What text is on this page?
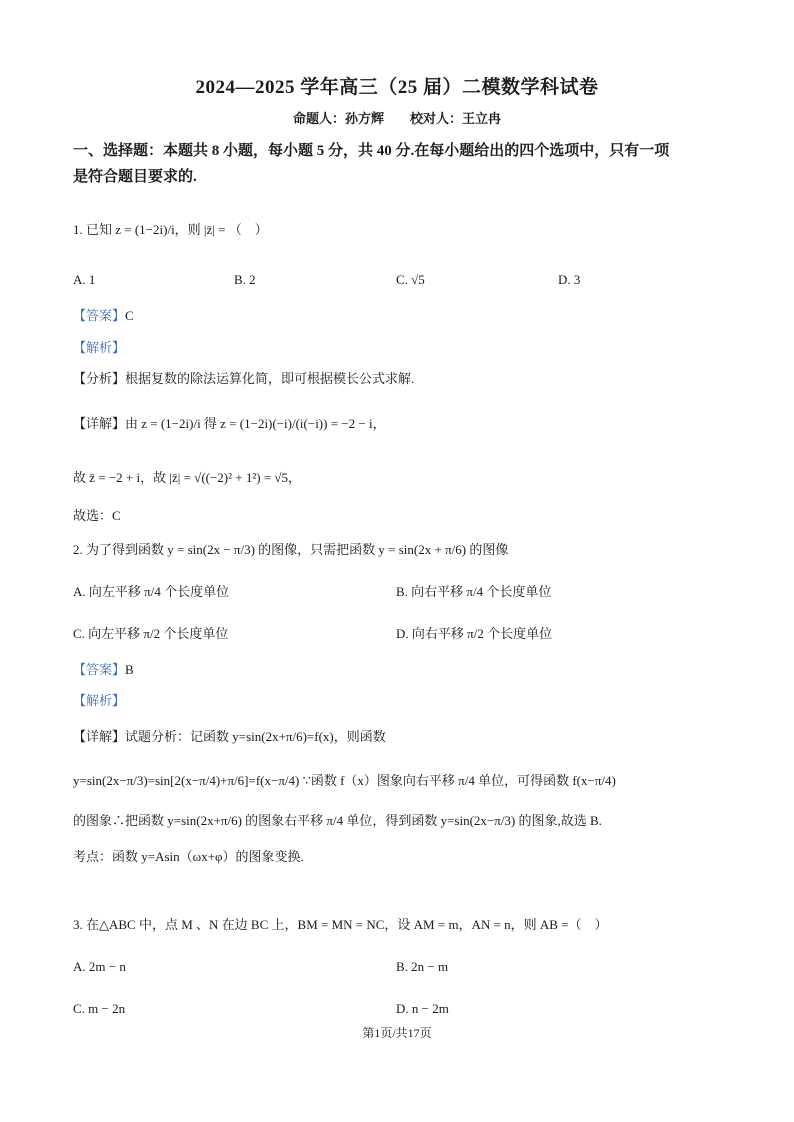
2024—2025 学年高三（25 届）二模数学科试卷
命题人：孙方辉　　校对人：王立冉
一、选择题：本题共 8 小题，每小题 5 分，共 40 分.在每小题给出的四个选项中，只有一项
是符合题目要求的.
1. 已知 z = (1−2i)/i，则 |z̄| = （　）
A. 1	B. 2	C. √5	D. 3
【答案】C
【解析】
【分析】根据复数的除法运算化简，即可根据模长公式求解.
【详解】由 z = (1−2i)/i 得 z = (1−2i)(−i)/(i(−i)) = −2 − i，
故 z̄ = −2 + i，故 |z̄| = √((−2)² + 1²) = √5，
故选：C
2. 为了得到函数 y = sin(2x − π/3) 的图像，只需把函数 y = sin(2x + π/6) 的图像
A. 向左平移 π/4 个长度单位	B. 向右平移 π/4 个长度单位
C. 向左平移 π/2 个长度单位	D. 向右平移 π/2 个长度单位
【答案】B
【解析】
【详解】试题分析：记函数 y=sin(2x+π/6)=f(x)，则函数
y=sin(2x−π/3)=sin[2(x−π/4)+π/6]=f(x−π/4) ∵函数 f（x）图象向右平移 π/4 单位，可得函数 f(x−π/4)
的图象∴把函数 y=sin(2x+π/6) 的图象右平移 π/4 单位，得到函数 y=sin(2x−π/3) 的图象,故选 B.
考点：函数 y=Asin（ωx+φ）的图象变换.
3. 在△ABC 中，点 M 、N 在边 BC 上，BM = MN = NC，设 AM = m，AN = n，则 AB =（　）
A. 2m − n	B. 2n − m
C. m − 2n	D. n − 2m
第1页/共17页
